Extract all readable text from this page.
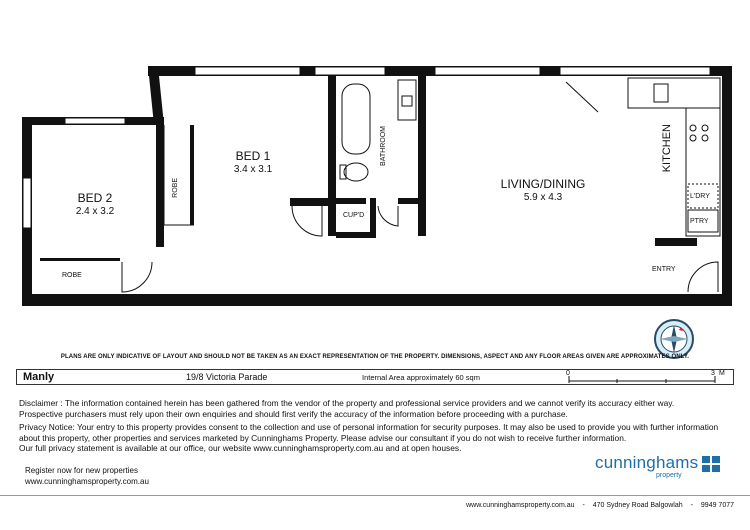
BED 1
3.4 x 3.1
BED 2
2.4 x 3.2
LIVING/DINING
5.9 x 4.3
KITCHEN
BATHROOM
ROBE
ROBE
CUP'D
L'DRY
PTRY
ENTRY
PLANS ARE ONLY INDICATIVE OF LAYOUT AND SHOULD NOT BE TAKEN AS AN EXACT REPRESENTATION OF THE PROPERTY. DIMENSIONS, ASPECT AND ANY FLOOR AREAS GIVEN ARE APPROXIMATES ONLY.
Manly	19/8 Victoria Parade	Internal Area approximately 60 sqm	0	3 M
Disclaimer : The information contained herein has been gathered from the vendor of the property and professional service providers and we cannot verify its accuracy either way.
Prospective purchasers must rely upon their own enquiries and should first verify the accuracy of the information before proceeding with a purchase.
Privacy Notice: Your entry to this property provides consent to the collection and use of personal information for security purposes. It may also be used to provide you with further information
about this property, other properties and services marketed by Cunninghams Property. Please advise our consultant if you do not wish to receive further information.
Our full privacy statement is available at our office, our website www.cunninghamsproperty.com.au and at open houses.
Register now for new properties
www.cunninghamsproperty.com.au
cunninghams
property
www.cunninghamsproperty.com.au - 470 Sydney Road Balgowlah - 9949 7077
